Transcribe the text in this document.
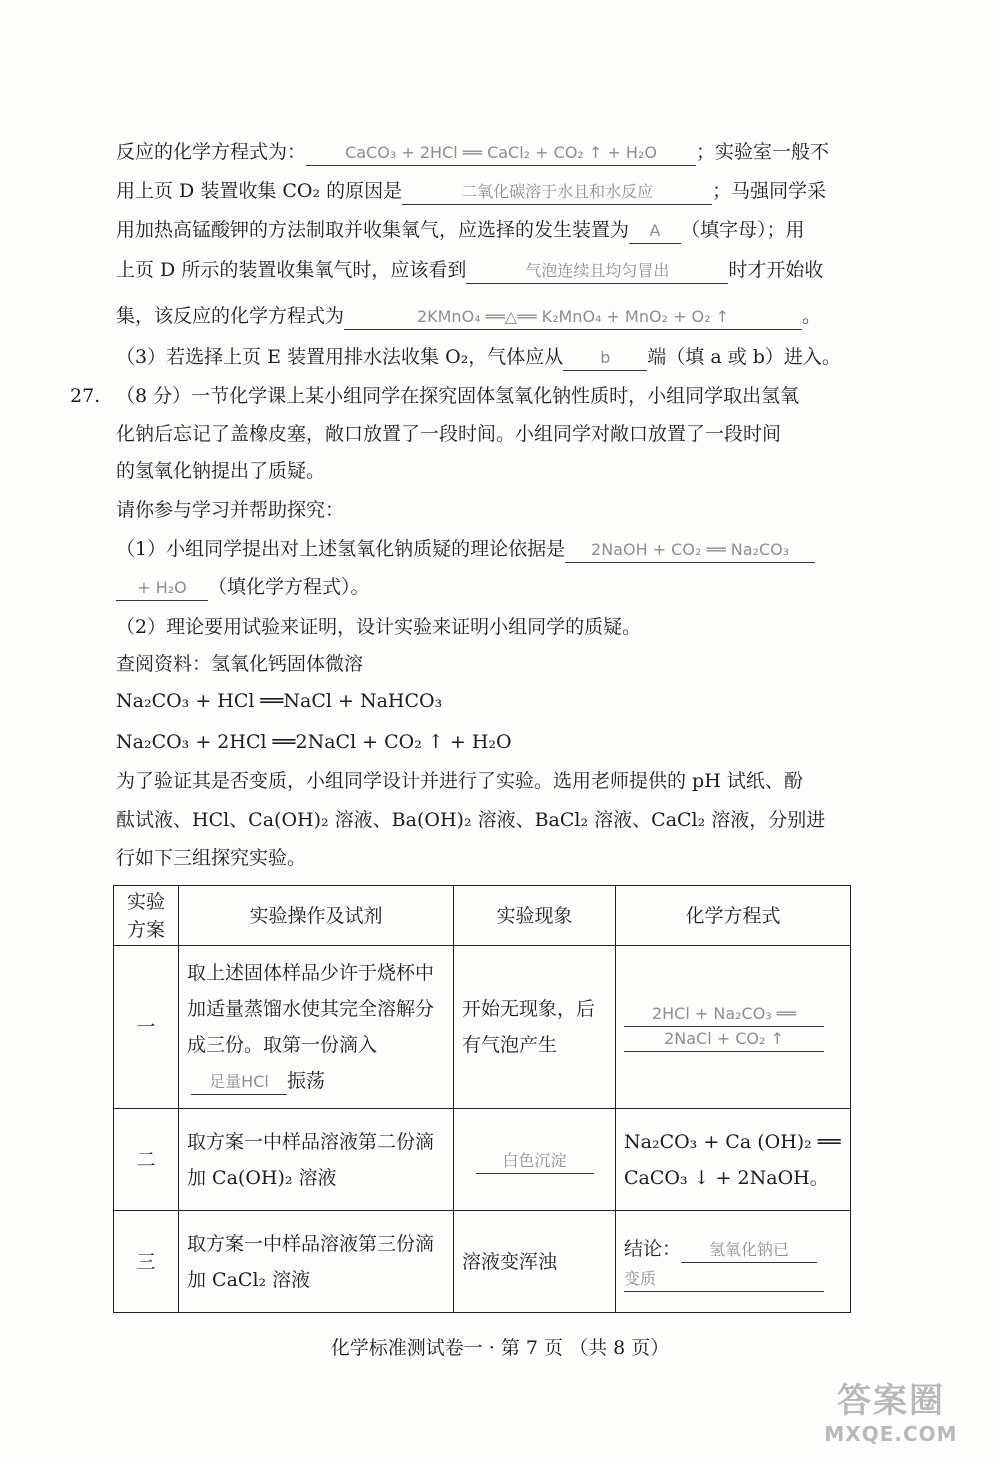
反应的化学方程式为： CaCO₃ + 2HCl ══ CaCl₂ + CO₂ ↑ + H₂O ；实验室一般不
用上页 D 装置收集 CO₂ 的原因是	二氧化碳溶于水且和水反应	；马强同学采
用加热高锰酸钾的方法制取并收集氧气，应选择的发生装置为 A （填字母）；用
上页 D 所示的装置收集氧气时，应该看到	气泡连续且均匀冒出	时才开始收
集，该反应的化学方程式为	2KMnO₄ ══△══ K₂MnO₄ + MnO₂ + O₂ ↑	。
（3）若选择上页 E 装置用排水法收集 O₂，气体应从 b 端（填 a 或 b）进入。
27. （8 分）一节化学课上某小组同学在探究固体氢氧化钠性质时，小组同学取出氢氧
化钠后忘记了盖橡皮塞，敞口放置了一段时间。小组同学对敞口放置了一段时间
的氢氧化钠提出了质疑。
请你参与学习并帮助探究：
（1）小组同学提出对上述氢氧化钠质疑的理论依据是 2NaOH + CO₂ ══ Na₂CO₃
+ H₂O （填化学方程式）。
（2）理论要用试验来证明，设计实验来证明小组同学的质疑。
查阅资料：氢氧化钙固体微溶
Na₂CO₃ + HCl ══NaCl + NaHCO₃
Na₂CO₃ + 2HCl ══2NaCl + CO₂ ↑ + H₂O
为了验证其是否变质，小组同学设计并进行了实验。选用老师提供的 pH 试纸、酚
酞试液、HCl、Ca(OH)₂ 溶液、Ba(OH)₂ 溶液、BaCl₂ 溶液、CaCl₂ 溶液，分别进
行如下三组探究实验。
实验方案	实验操作及试剂	实验现象	化学方程式
一	取上述固体样品少许于烧杯中加适量蒸馏水使其完全溶解分成三份。取第一份滴入足量HCl 振荡	开始无现象，后有气泡产生	2HCl + Na₂CO₃ ══
2NaCl + CO₂ ↑

二	取方案一中样品溶液第二份滴加 Ca(OH)₂ 溶液	白色沉淀	Na₂CO₃ + Ca (OH)₂ ══
CaCO₃ ↓ + 2NaOH。

三	取方案一中样品溶液第三份滴加 CaCl₂ 溶液	溶液变浑浊	结论： 氢氧化钠已
变质
化学标准测试卷一 · 第 7 页 （共 8 页）
答案圈
MXQE.COM
